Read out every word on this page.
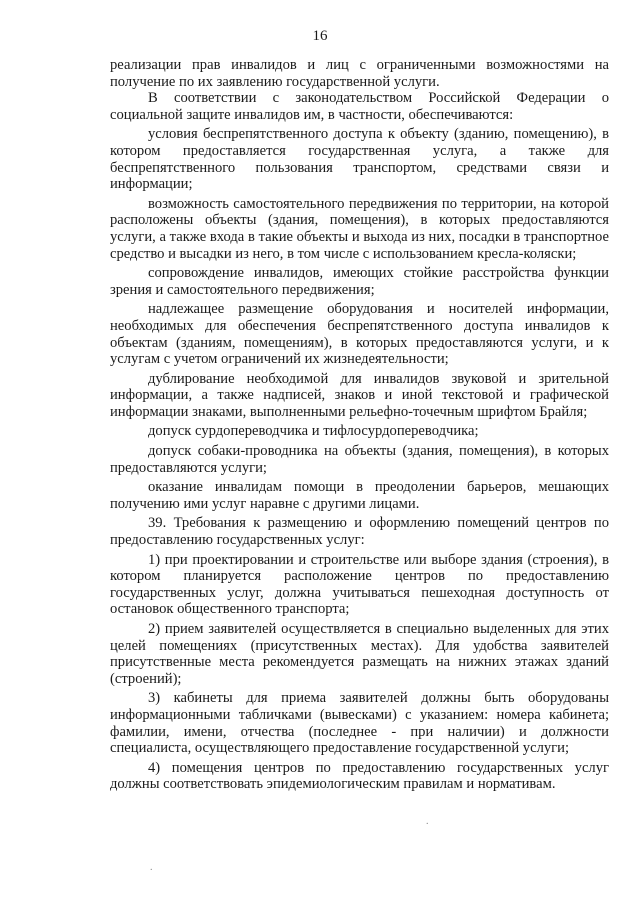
16

реализации прав инвалидов и лиц с ограниченными возможностями на получение по их заявлению государственной услуги.

В соответствии с законодательством Российской Федерации о социальной защите инвалидов им, в частности, обеспечиваются:

условия беспрепятственного доступа к объекту (зданию, помещению), в котором предоставляется государственная услуга, а также для беспрепятственного пользования транспортом, средствами связи и информации;

возможность самостоятельного передвижения по территории, на которой расположены объекты (здания, помещения), в которых предоставляются услуги, а также входа в такие объекты и выхода из них, посадки в транспортное средство и высадки из него, в том числе с использованием кресла-коляски;

сопровождение инвалидов, имеющих стойкие расстройства функции зрения и самостоятельного передвижения;

надлежащее размещение оборудования и носителей информации, необходимых для обеспечения беспрепятственного доступа инвалидов к объектам (зданиям, помещениям), в которых предоставляются услуги, и к услугам с учетом ограничений их жизнедеятельности;

дублирование необходимой для инвалидов звуковой и зрительной информации, а также надписей, знаков и иной текстовой и графической информации знаками, выполненными рельефно-точечным шрифтом Брайля;

допуск сурдопереводчика и тифлосурдопереводчика;

допуск собаки-проводника на объекты (здания, помещения), в которых предоставляются услуги;

оказание инвалидам помощи в преодолении барьеров, мешающих получению ими услуг наравне с другими лицами.

39. Требования к размещению и оформлению помещений центров по предоставлению государственных услуг:

1) при проектировании и строительстве или выборе здания (строения), в котором планируется расположение центров по предоставлению государственных услуг, должна учитываться пешеходная доступность от остановок общественного транспорта;

2) прием заявителей осуществляется в специально выделенных для этих целей помещениях (присутственных местах). Для удобства заявителей присутственные места рекомендуется размещать на нижних этажах зданий (строений);

3) кабинеты для приема заявителей должны быть оборудованы информационными табличками (вывесками) с указанием: номера кабинета; фамилии, имени, отчества (последнее - при наличии) и должности специалиста, осуществляющего предоставление государственной услуги;

4) помещения центров по предоставлению государственных услуг должны соответствовать эпидемиологическим правилам и нормативам.

.
.
